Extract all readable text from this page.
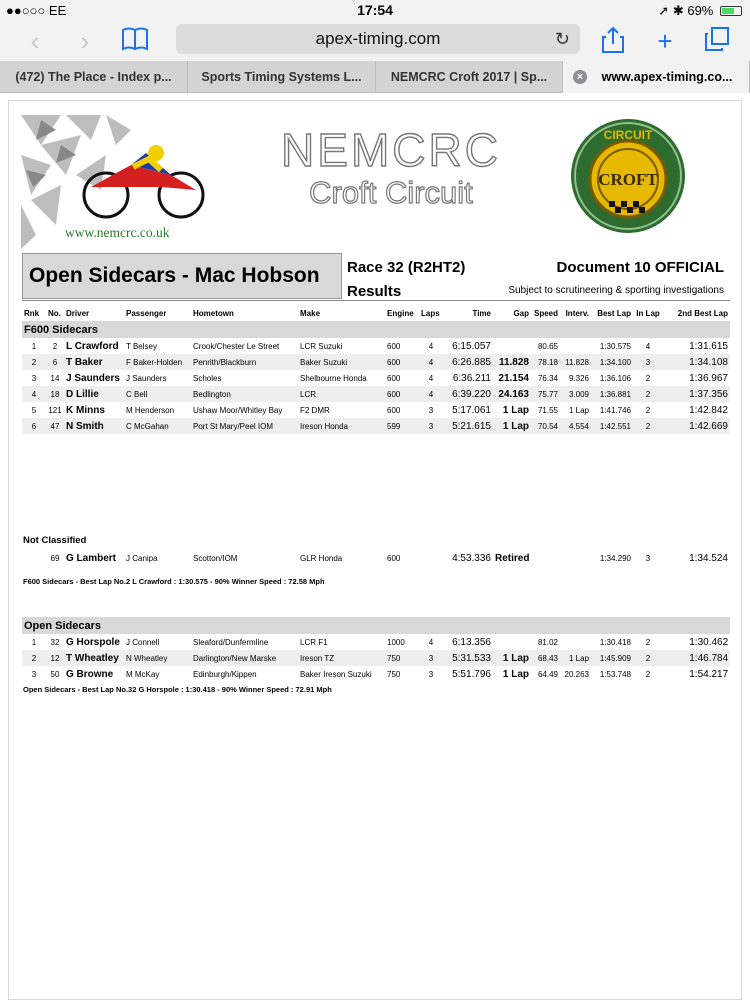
●●○○○ EE	17:54	➚ ✱ 69%
‹	›	apex-timing.com	↻	+
(472) The Place - Index p...	Sports Timing Systems L...	NEMCRC Croft 2017 | Sp...	×	www.apex-timing.co...
www.nemcrc.co.uk
NEMCRC
Croft Circuit
CIRCUIT
CROFT
Open Sidecars - Mac Hobson Race 32 (R2HT2)
Results
Document 10 OFFICIAL
Subject to scrutineering & sporting investigations
Rnk	No.	Driver	Passenger	Hometown	Make	Engine	Laps	Time	Gap	Speed	Interv.	Best Lap	In Lap	2nd Best Lap
F600 Sidecars														
1	2	L Crawford	T Belsey	Crook/Chester Le Street	LCR Suzuki	600	4	6:15.057		80.65		1:30.575	4	1:31.615
2	6	T Baker	F Baker-Holden	Penrith/Blackburn	Baker Suzuki	600	4	6:26.885	11.828	78.18	11.828	1:34.100	3	1:34.108
3	14	J Saunders	J Saunders	Scholes	Shelbourne Honda	600	4	6:36.211	21.154	76.34	9.326	1:36.106	2	1:36.967
4	18	D Lillie	C Bell	Bedlington	LCR	600	4	6:39.220	24.163	75.77	3.009	1:36.881	2	1:37.356
5	121	K Minns	M Henderson	Ushaw Moor/Whitley Bay	F2 DMR	600	3	5:17.061	1 Lap	71.55	1 Lap	1:41.746	2	1:42.842
6	47	N Smith	C McGahan	Port St Mary/Peel IOM	Ireson Honda	599	3	5:21.615	1 Lap	70.54	4.554	1:42.551	2	1:42.669
Not Classified
	69	G Lambert	J Canipa	Scotton/IOM	GLR Honda	600		4:53.336	Retired			1:34.290	3	1:34.524
F600 Sidecars - Best Lap No.2 L Crawford : 1:30.575 - 90% Winner Speed : 72.58 Mph
Open Sidecars														
1	32	G Horspole	J Connell	Sleaford/Dunfermline	LCR F1	1000	4	6:13.356		81.02		1:30.418	2	1:30.462
2	12	T Wheatley	N Wheatley	Darlington/New Marske	Ireson TZ	750	3	5:31.533	1 Lap	68.43	1 Lap	1:45.909	2	1:46.784
3	50	G Browne	M McKay	Edinburgh/Kippen	Baker Ireson Suzuki	750	3	5:51.796	1 Lap	64.49	20.263	1:53.748	2	1:54.217
Open Sidecars - Best Lap No.32 G Horspole : 1:30.418 - 90% Winner Speed : 72.91 Mph
